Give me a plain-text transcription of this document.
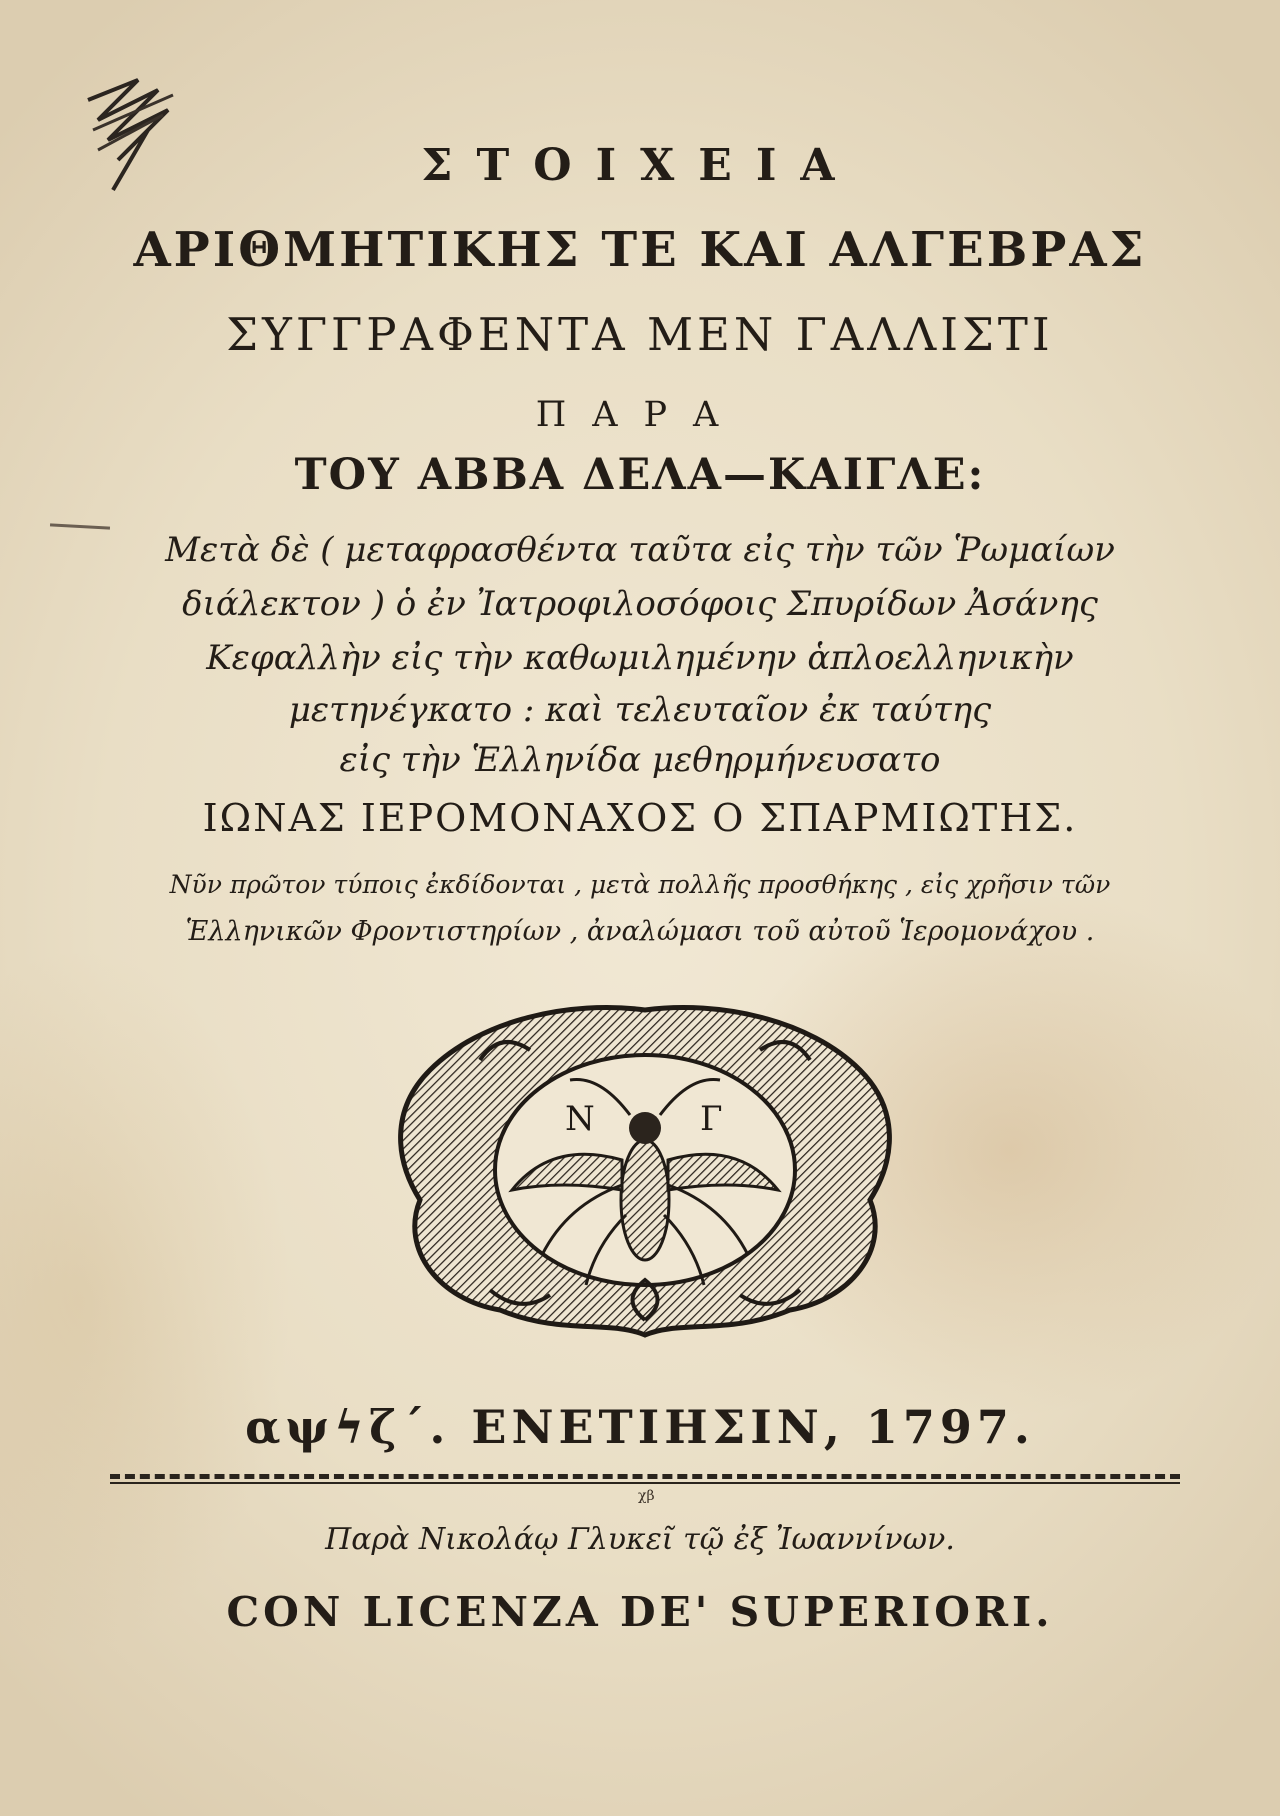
ΣΤΟΙΧΕΙΑ
ΑΡΙΘΜΗΤΙΚΗΣ ΤΕ ΚΑΙ ΑΛΓΕΒΡΑΣ
ΣΥΓΓΡΑΦΕΝΤΑ ΜΕΝ ΓΑΛΛΙΣΤΙ
ΠΑΡΑ
ΤΟΥ ΑΒΒΑ ΔΕΛΑ—ΚΑΙΓΛΕ:
Μετὰ δὲ ( μεταφρασθέντα ταῦτα εἰς τὴν τῶν Ῥωμαίων
διάλεκτον ) ὁ ἐν Ἰατροφιλοσόφοις Σπυρίδων Ἀσάνης
Κεφαλλὴν εἰς τὴν καθωμιλημένην ἁπλοελληνικὴν
μετηνέγκατο : καὶ τελευταῖον ἐκ ταύτης
εἰς τὴν Ἑλληνίδα μεθηρμήνευσατο
ΙΩΝΑΣ ΙΕΡΟΜΟΝΑΧΟΣ Ο ΣΠΑΡΜΙΩΤΗΣ.
Νῦν πρῶτον τύποις ἐκδίδονται , μετὰ πολλῆς προσθήκης , εἰς χρῆσιν τῶν
Ἑλληνικῶν Φροντιστηρίων , ἀναλώμασι τοῦ αὐτοῦ Ἱερομονάχου .
N	Г
αψϟζ΄. ΕΝΕΤΙΗΣΙΝ, 1797.
χβ
Παρὰ Νικολάῳ Γλυκεῖ τῷ ἐξ Ἰωαννίνων.
CON LICENZA DE' SUPERIORI.
